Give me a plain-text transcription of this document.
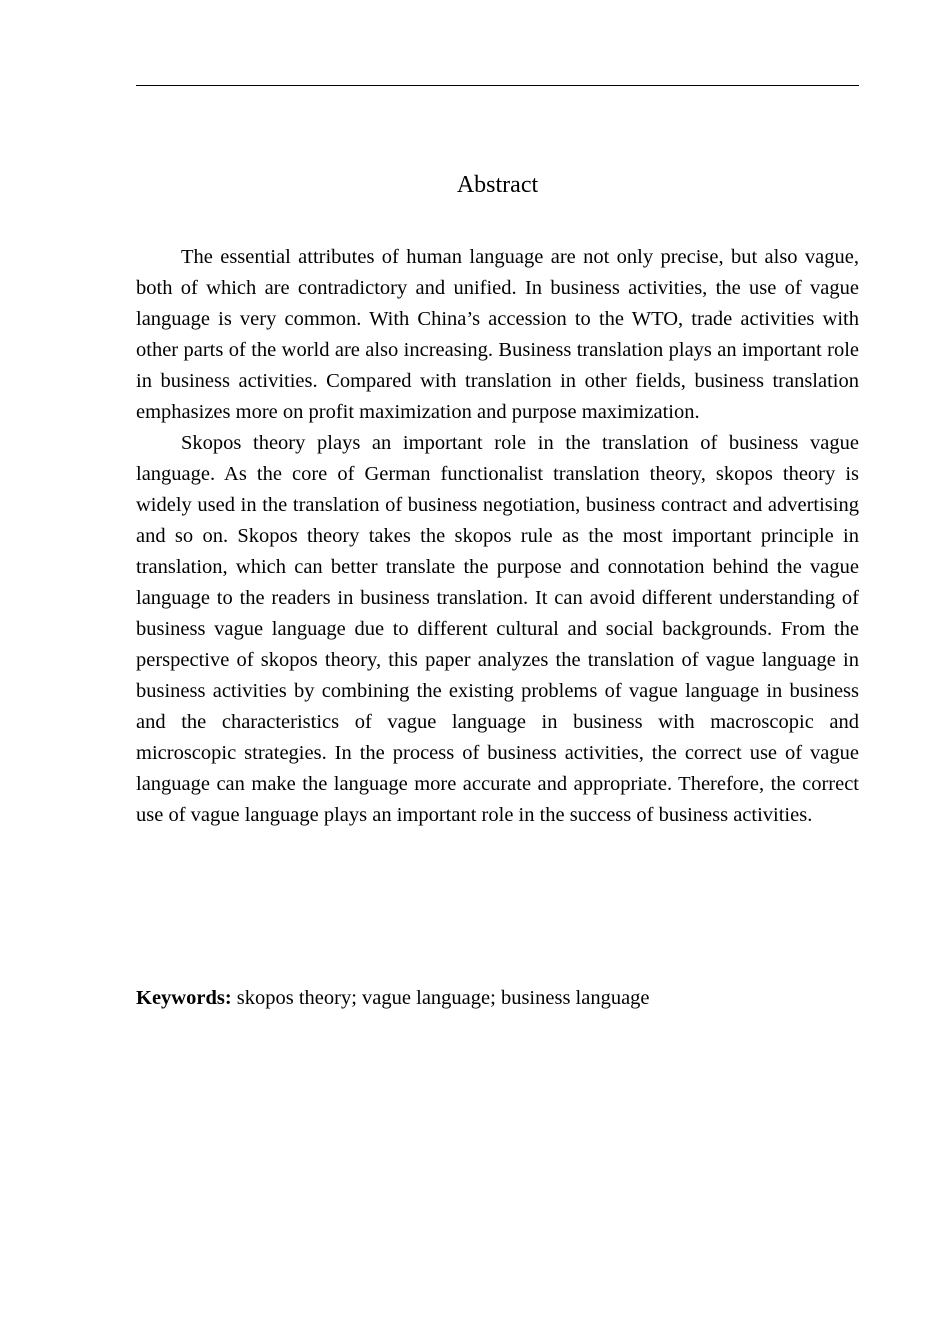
Abstract

The essential attributes of human language are not only precise, but also vague, both of which are contradictory and unified. In business activities, the use of vague language is very common. With China’s accession to the WTO, trade activities with other parts of the world are also increasing. Business translation plays an important role in business activities. Compared with translation in other fields, business translation emphasizes more on profit maximization and purpose maximization.

Skopos theory plays an important role in the translation of business vague language. As the core of German functionalist translation theory, skopos theory is widely used in the translation of business negotiation, business contract and advertising and so on. Skopos theory takes the skopos rule as the most important principle in translation, which can better translate the purpose and connotation behind the vague language to the readers in business translation. It can avoid different understanding of business vague language due to different cultural and social backgrounds. From the perspective of skopos theory, this paper analyzes the translation of vague language in business activities by combining the existing problems of vague language in business and the characteristics of vague language in business with macroscopic and microscopic strategies. In the process of business activities, the correct use of vague language can make the language more accurate and appropriate. Therefore, the correct use of vague language plays an important role in the success of business activities.

Keywords: skopos theory; vague language; business language
